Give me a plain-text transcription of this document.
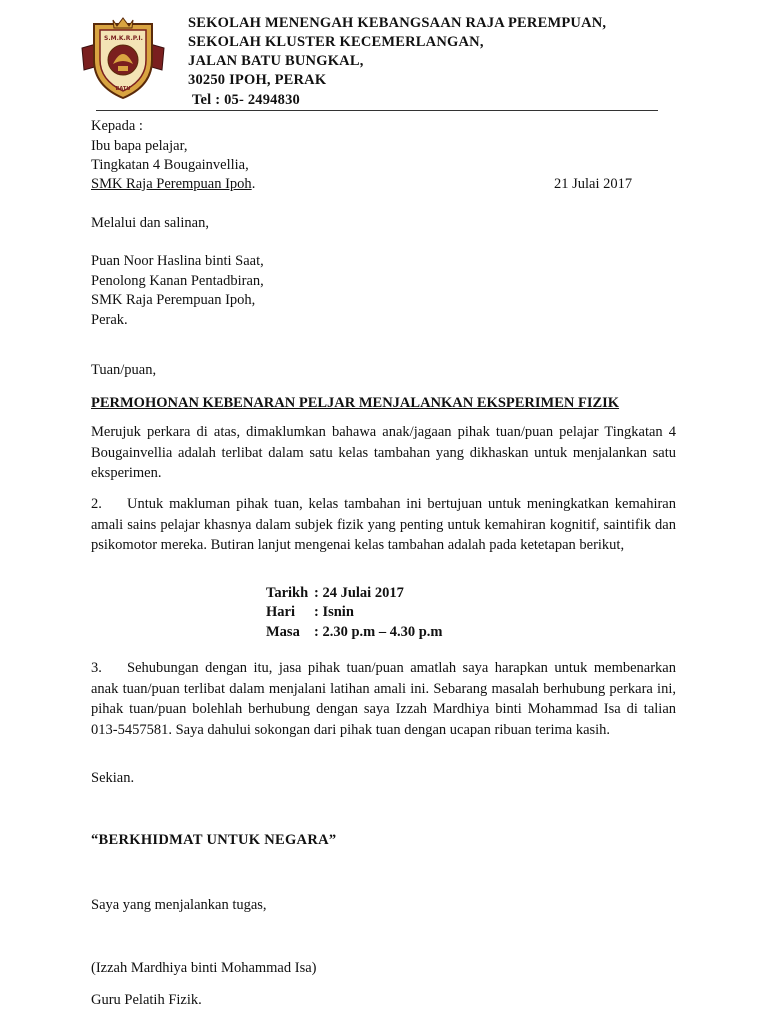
S.M.K.R.P.I.
BATU
SEKOLAH MENENGAH KEBANGSAAN RAJA PEREMPUAN,
SEKOLAH KLUSTER KECEMERLANGAN,
JALAN BATU BUNGKAL,
30250 IPOH, PERAK
Tel : 05- 2494830
Kepada :
Ibu bapa pelajar,
Tingkatan 4 Bougainvellia,
SMK Raja Perempuan Ipoh.	21 Julai 2017
Melalui dan salinan,
Puan Noor Haslina binti Saat,
Penolong Kanan Pentadbiran,
SMK Raja Perempuan Ipoh,
Perak.
Tuan/puan,
PERMOHONAN KEBENARAN PELJAR MENJALANKAN EKSPERIMEN FIZIK
Merujuk perkara di atas, dimaklumkan bahawa anak/jagaan pihak tuan/puan pelajar Tingkatan 4 Bougainvellia adalah terlibat dalam satu kelas tambahan yang dikhaskan untuk menjalankan satu eksperimen.
2. Untuk makluman pihak tuan, kelas tambahan ini bertujuan untuk meningkatkan kemahiran amali sains pelajar khasnya dalam subjek fizik yang penting untuk kemahiran kognitif, saintifik dan psikomotor mereka. Butiran lanjut mengenai kelas tambahan adalah pada ketetapan berikut,
Tarikh : 24 Julai 2017
Hari : Isnin
Masa : 2.30 p.m – 4.30 p.m
3. Sehubungan dengan itu, jasa pihak tuan/puan amatlah saya harapkan untuk membenarkan anak tuan/puan terlibat dalam menjalani latihan amali ini. Sebarang masalah berhubung perkara ini, pihak tuan/puan bolehlah berhubung dengan saya Izzah Mardhiya binti Mohammad Isa di talian 013-5457581. Saya dahului sokongan dari pihak tuan dengan ucapan ribuan terima kasih.
Sekian.
“BERKHIDMAT UNTUK NEGARA”
Saya yang menjalankan tugas,
(Izzah Mardhiya binti Mohammad Isa)
Guru Pelatih Fizik.
